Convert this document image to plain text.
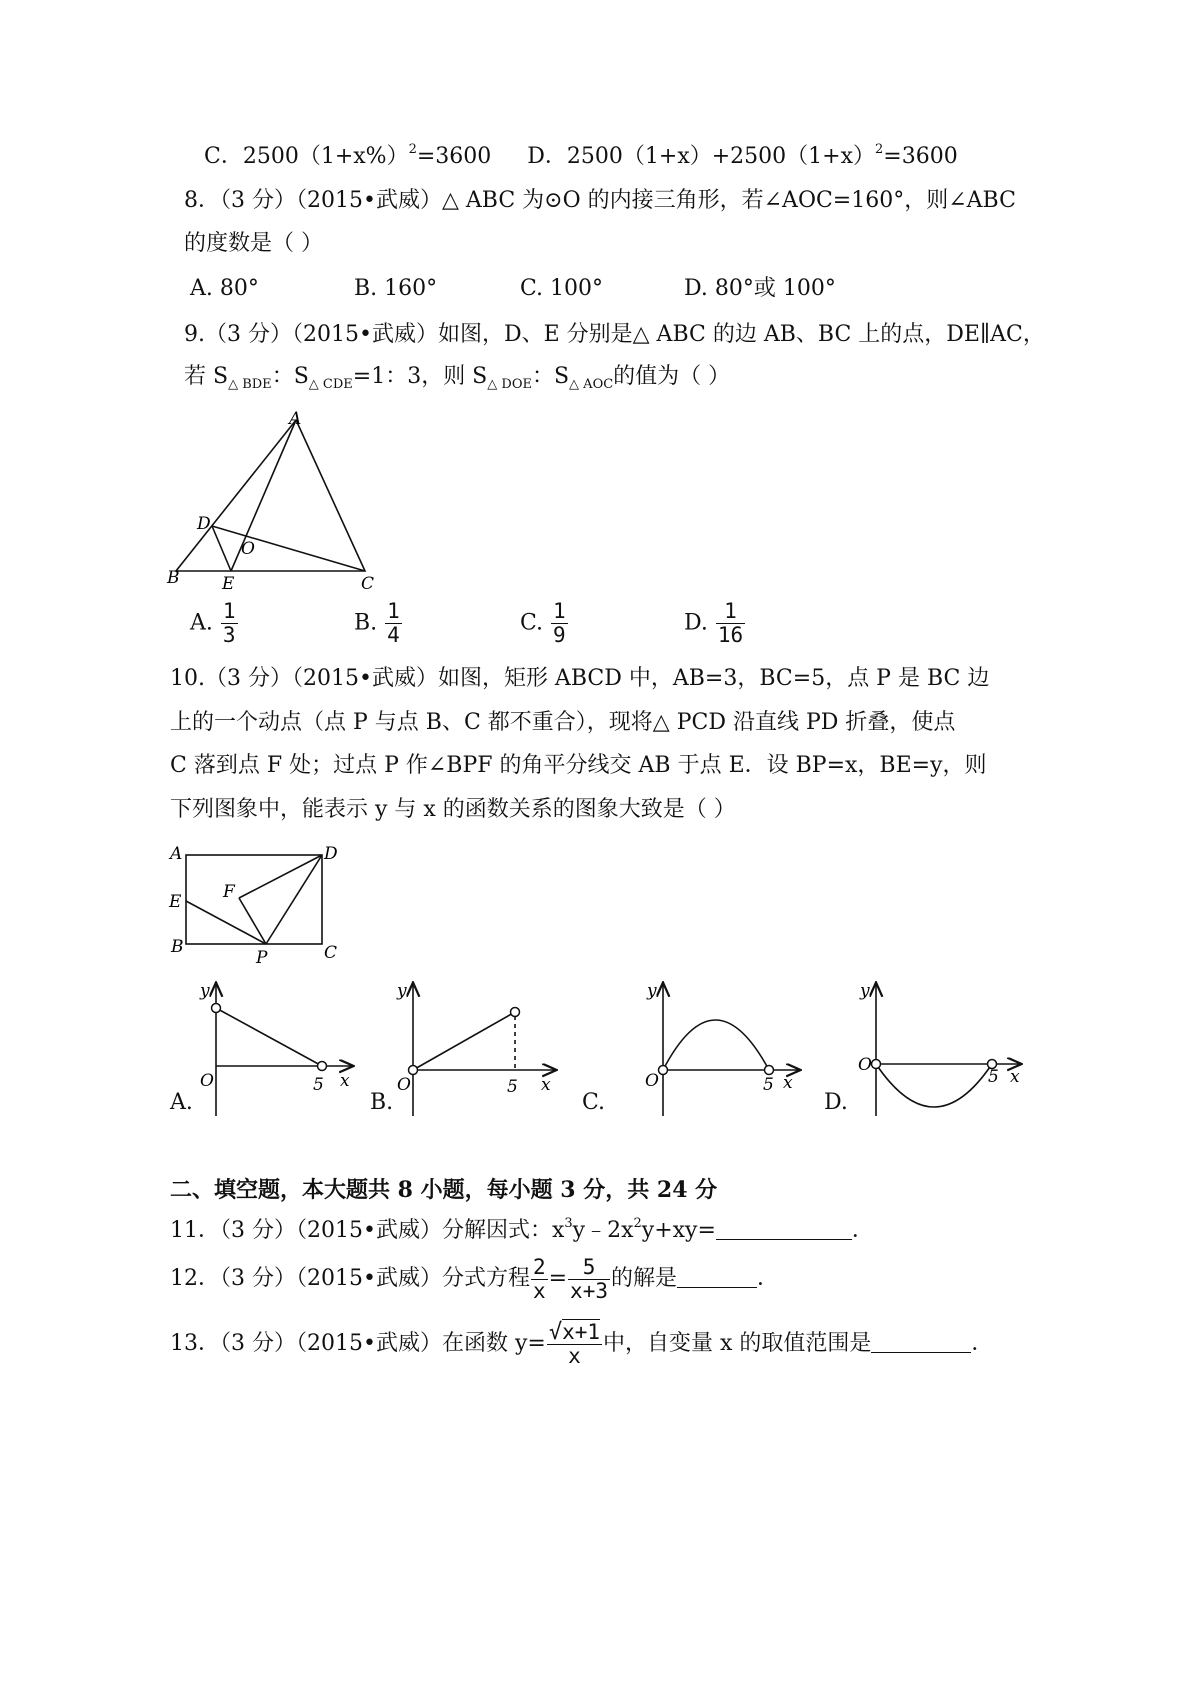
C．$2500(1+x\%)^2=3600$ D．$2500(1+x)+2500(1+x)^2=3600$
8．（3 分）（2015•武威）△ ABC 为⊙O 的内接三角形，若∠AOC=160°，则∠ABC
的度数是（ ）
A. 80°	B. 160°	C. 100°	D. 80°或 100°
9.（3 分）（2015•武威）如图，D、E 分别是△ ABC 的边 AB、BC 上的点，DE∥AC，
若 $S_{\triangle BDE}$：$S_{\triangle CDE}=1$：3，则 $S_{\triangle DOE}$：$S_{\triangle AOC}$的值为（ ）
A
D
O
B	E	C
A. $\frac{1}{3}$	B. $\frac{1}{4}$	C. $\frac{1}{9}$	D. $\frac{1}{16}$
10.（3 分）（2015•武威）如图，矩形 ABCD 中，AB=3，BC=5，点 P 是 BC 边
上的一个动点（点 P 与点 B、C 都不重合），现将△ PCD 沿直线 PD 折叠，使点
C 落到点 F 处；过点 P 作∠BPF 的角平分线交 AB 于点 E．设 BP=x，BE=y，则
下列图象中，能表示 y 与 x 的函数关系的图象大致是（ ）
A	D
F
E
B
P	C
y
O	5 x
A.
y
O	5 x
B.
y
O	5 x
C.
y
O
5 x
D.
二、填空题，本大题共 8 小题，每小题 3 分，共 24 分
11．（3 分）（2015•武威）分解因式：$x^3y﹣2x^2y+xy=$	．
12．（3 分）（2015•武威）分式方程 $\frac{2}{x} = \frac{5}{x+3}$ 的解是	．
13．（3 分）（2015•武威）在函数 $y= \frac{√x+1}{x}$ 中，自变量 x 的取值范围是	．
